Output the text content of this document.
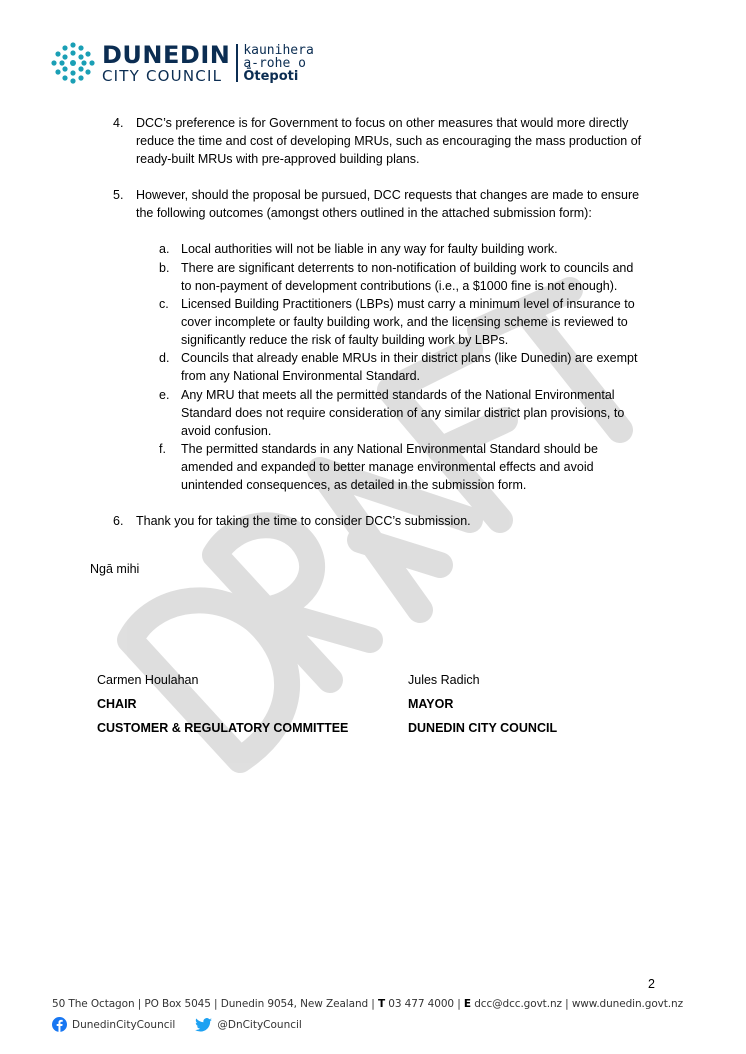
DUNEDIN
CITY COUNCIL
kaunihera
a-rohe o
Ōtepoti
4.	DCC’s preference is for Government to focus on other measures that would more directly
reduce the time and cost of developing MRUs, such as encouraging the mass production of
ready-built MRUs with pre-approved building plans.
5.	However, should the proposal be pursued, DCC requests that changes are made to ensure
the following outcomes (amongst others outlined in the attached submission form):
a. Local authorities will not be liable in any way for faulty building work.
b. There are significant deterrents to non-notification of building work to councils and
to non-payment of development contributions (i.e., a $1000 fine is not enough).
c. Licensed Building Practitioners (LBPs) must carry a minimum level of insurance to
cover incomplete or faulty building work, and the licensing scheme is reviewed to
significantly reduce the risk of faulty building work by LBPs.
d. Councils that already enable MRUs in their district plans (like Dunedin) are exempt
from any National Environmental Standard.
e. Any MRU that meets all the permitted standards of the National Environmental
Standard does not require consideration of any similar district plan provisions, to
avoid confusion.
f.	The permitted standards in any National Environmental Standard should be
amended and expanded to better manage environmental effects and avoid
unintended consequences, as detailed in the submission form.
6.	Thank you for taking the time to consider DCC’s submission.
Ngā mihi
Carmen Houlahan
CHAIR
CUSTOMER & REGULATORY COMMITTEE
Jules Radich
MAYOR
DUNEDIN CITY COUNCIL
2
50 The Octagon | PO Box 5045 | Dunedin 9054, New Zealand | T 03 477 4000 | E dcc@dcc.govt.nz | www.dunedin.govt.nz
DunedinCityCouncil	@DnCityCouncil
